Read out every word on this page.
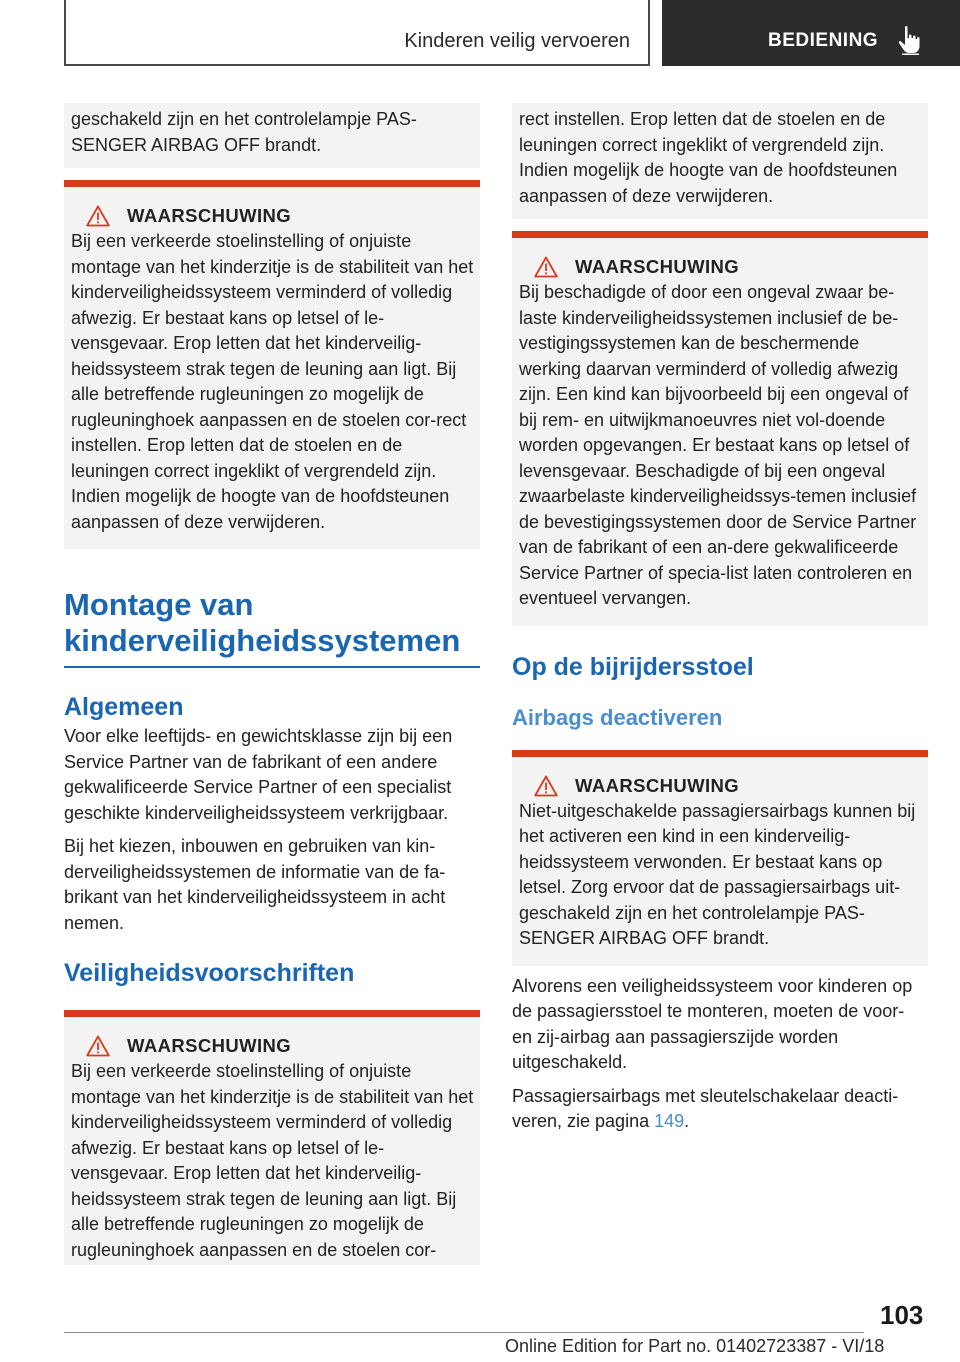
Kinderen veilig vervoeren	BEDIENING

geschakeld zijn en het controlelampje PAS-SENGER AIRBAG OFF brandt.

WAARSCHUWING

Bij een verkeerde stoelinstelling of onjuiste montage van het kinderzitje is de stabiliteit van het kinderveiligheidssysteem verminderd of volledig afwezig. Er bestaat kans op letsel of le-vensgevaar. Erop letten dat het kinderveilig-heidssysteem strak tegen de leuning aan ligt. Bij alle betreffende rugleuningen zo mogelijk de rugleuninghoek aanpassen en de stoelen cor-rect instellen. Erop letten dat de stoelen en de leuningen correct ingeklikt of vergrendeld zijn. Indien mogelijk de hoogte van de hoofdsteunen aanpassen of deze verwijderen.

Montage van kinderveiligheidssystemen
Algemeen

Voor elke leeftijds- en gewichtsklasse zijn bij een Service Partner van de fabrikant of een andere gekwalificeerde Service Partner of een specialist geschikte kinderveiligheidssysteem verkrijgbaar.

Bij het kiezen, inbouwen en gebruiken van kin-derveiligheidssystemen de informatie van de fa-brikant van het kinderveiligheidssysteem in acht nemen.

Veiligheidsvoorschriften
WAARSCHUWING

Bij een verkeerde stoelinstelling of onjuiste montage van het kinderzitje is de stabiliteit van het kinderveiligheidssysteem verminderd of volledig afwezig. Er bestaat kans op letsel of le-vensgevaar. Erop letten dat het kinderveilig-heidssysteem strak tegen de leuning aan ligt. Bij alle betreffende rugleuningen zo mogelijk de rugleuninghoek aanpassen en de stoelen cor-

rect instellen. Erop letten dat de stoelen en de leuningen correct ingeklikt of vergrendeld zijn. Indien mogelijk de hoogte van de hoofdsteunen aanpassen of deze verwijderen.

WAARSCHUWING

Bij beschadigde of door een ongeval zwaar be-laste kinderveiligheidssystemen inclusief de be-vestigingssystemen kan de beschermende werking daarvan verminderd of volledig afwezig zijn. Een kind kan bijvoorbeeld bij een ongeval of bij rem- en uitwijkmanoeuvres niet vol-doende worden opgevangen. Er bestaat kans op letsel of levensgevaar. Beschadigde of bij een ongeval zwaarbelaste kinderveiligheidssys-temen inclusief de bevestigingssystemen door de Service Partner van de fabrikant of een an-dere gekwalificeerde Service Partner of specia-list laten controleren en eventueel vervangen.

Op de bijrijdersstoel
Airbags deactiveren
WAARSCHUWING

Niet-uitgeschakelde passagiersairbags kunnen bij het activeren een kind in een kinderveilig-heidssysteem verwonden. Er bestaat kans op letsel. Zorg ervoor dat de passagiersairbags uit-geschakeld zijn en het controlelampje PAS-SENGER AIRBAG OFF brandt.

Alvorens een veiligheidssysteem voor kinderen op de passagiersstoel te monteren, moeten de voor- en zij-airbag aan passagierszijde worden uitgeschakeld.

Passagiersairbags met sleutelschakelaar deacti-veren, zie pagina 149.

103
Online Edition for Part no. 01402723387 - VI/18
